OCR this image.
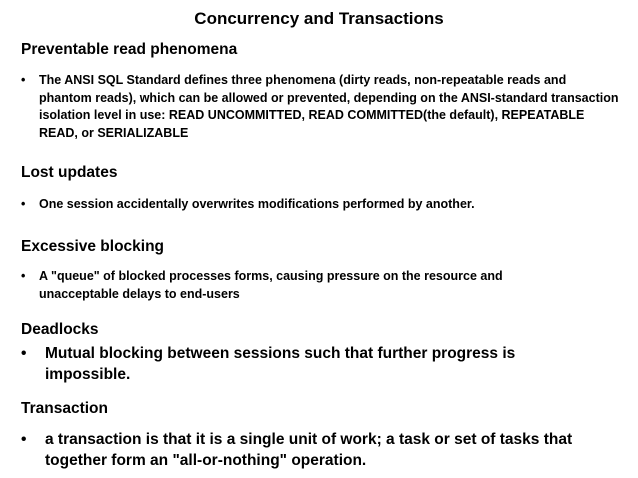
Concurrency and Transactions
Preventable read phenomena
•	The ANSI SQL Standard defines three phenomena (dirty reads, non-repeatable reads and phantom reads), which can be allowed or prevented, depending on the ANSI-standard transaction isolation level in use: READ UNCOMMITTED, READ COMMITTED(the default), REPEATABLE READ, or SERIALIZABLE
Lost updates
•	One session accidentally overwrites modifications performed by another.
Excessive blocking
•	A "queue" of blocked processes forms, causing pressure on the resource and unacceptable delays to end-users
Deadlocks
•	Mutual blocking between sessions such that further progress is impossible.
Transaction
•	a transaction is that it is a single unit of work; a task or set of tasks that together form an "all-or-nothing" operation.
